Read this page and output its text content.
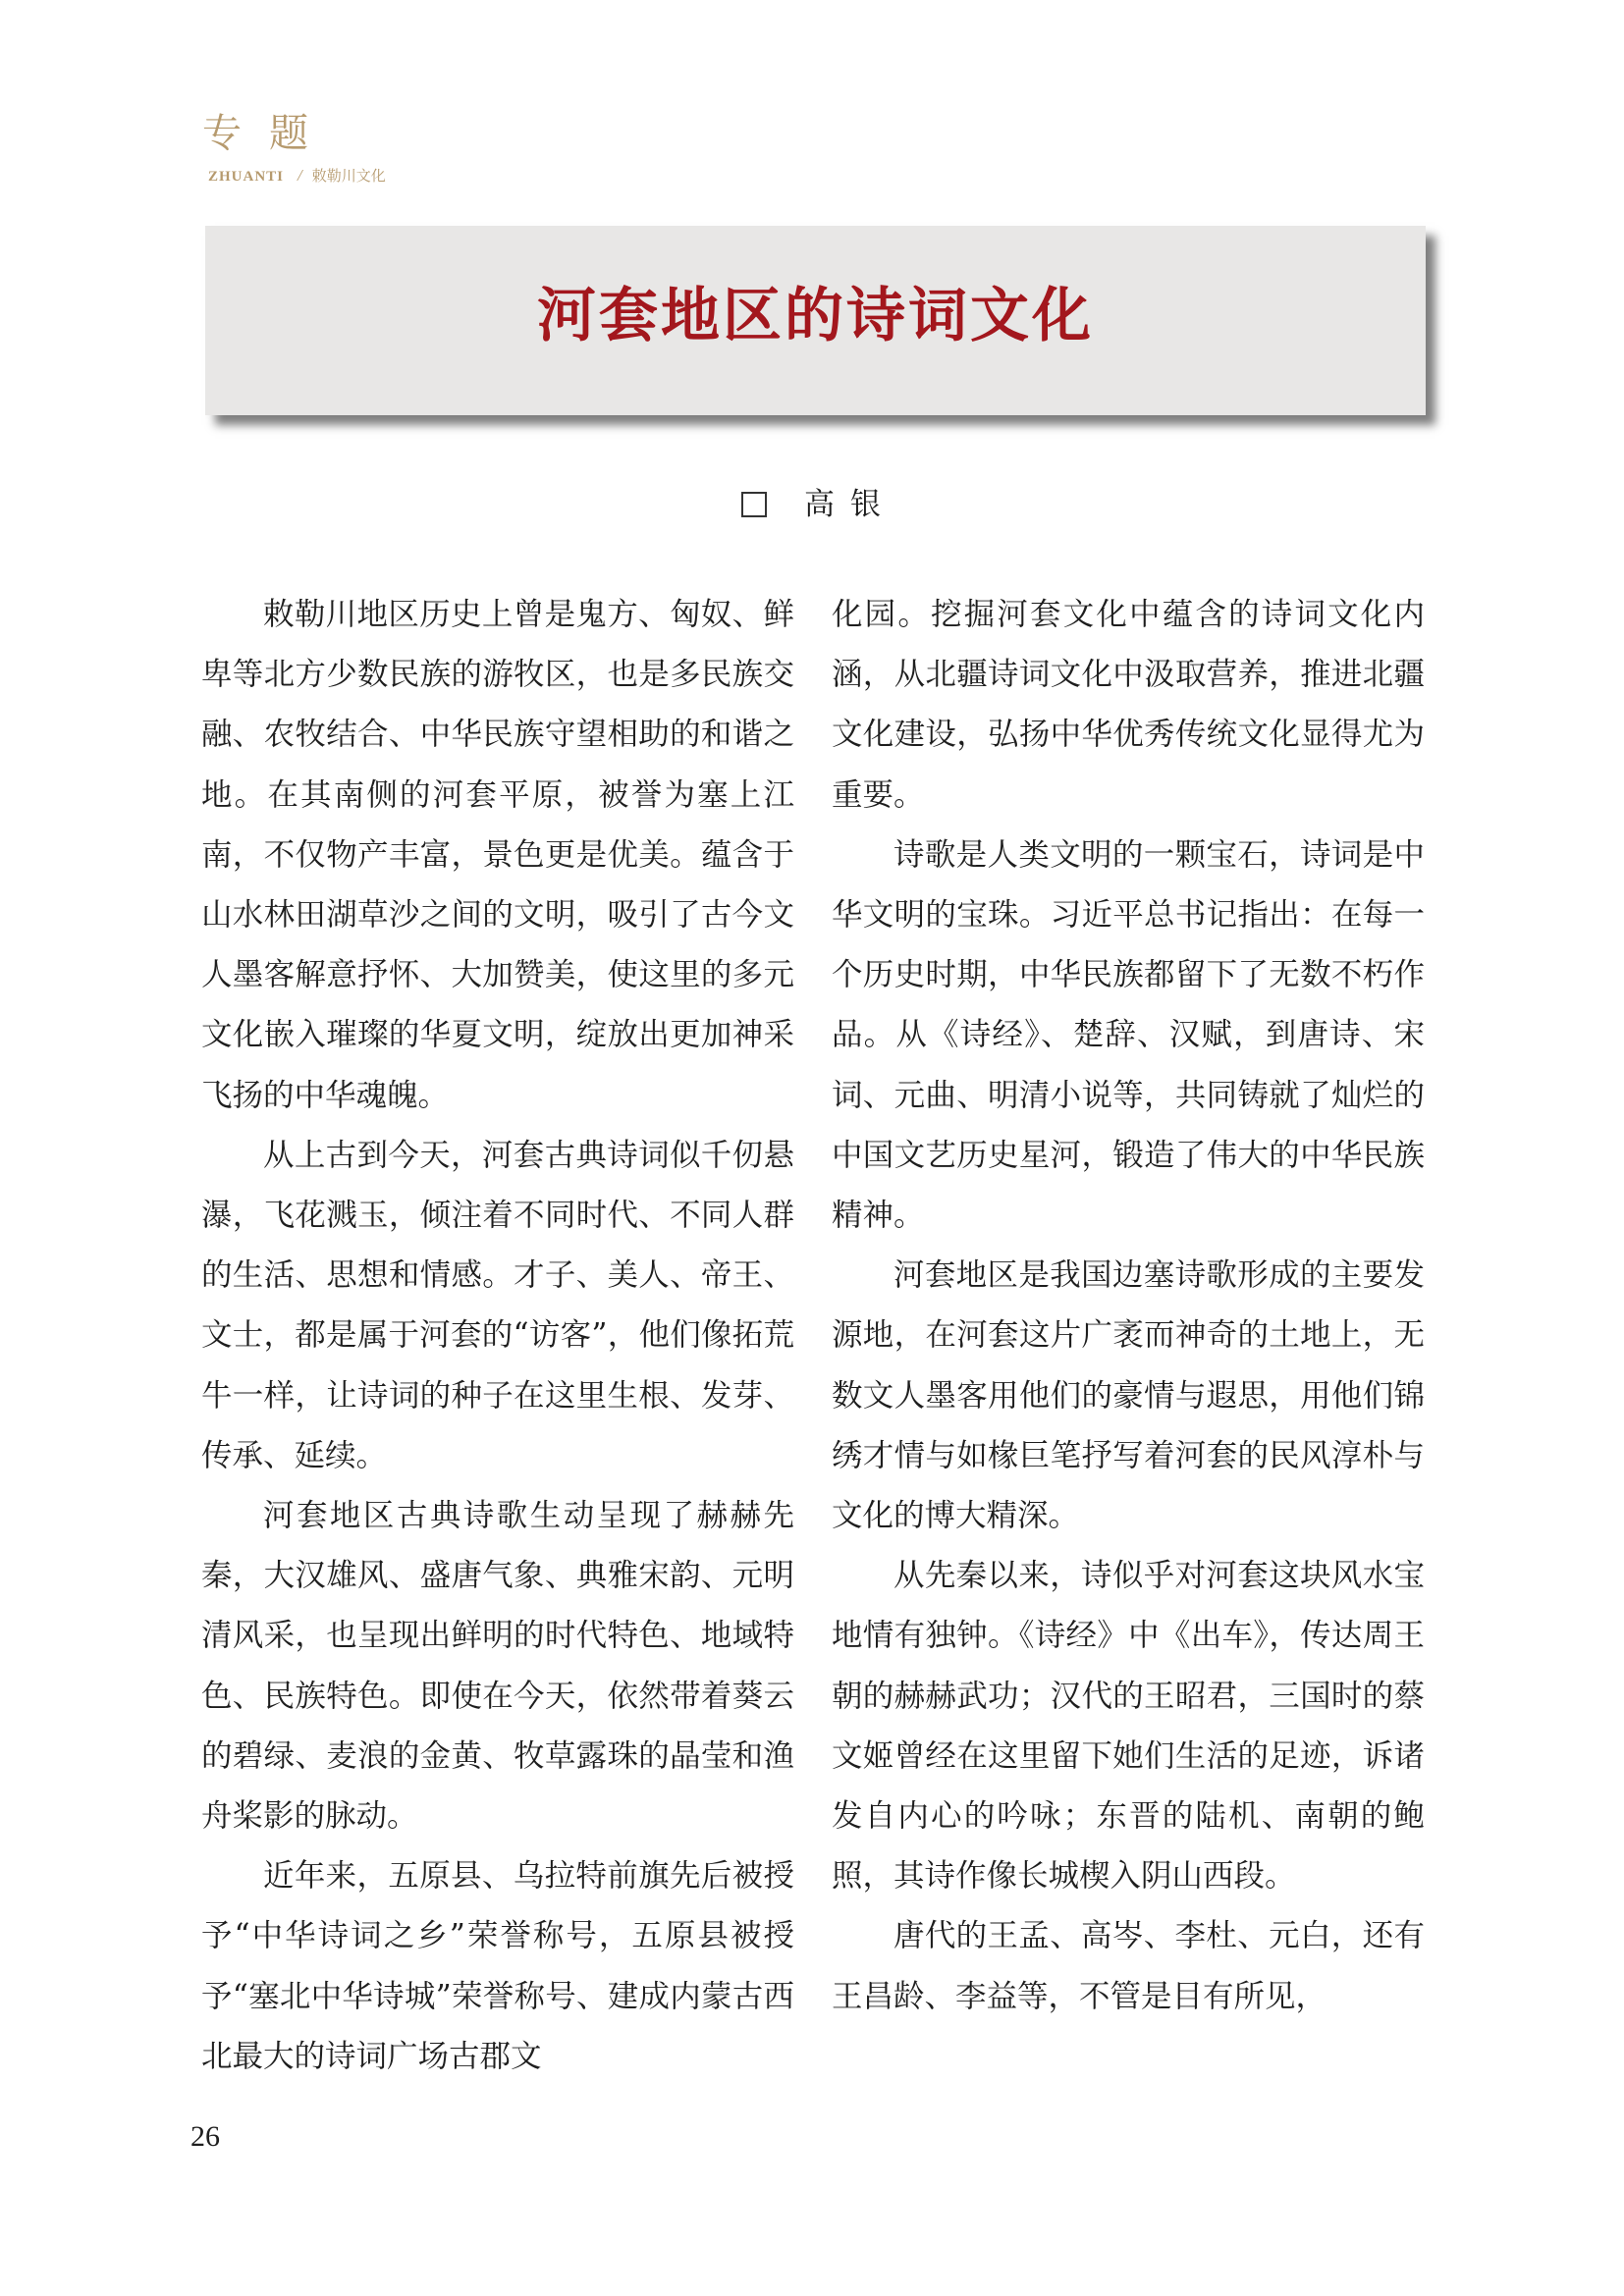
专题
ZHUANTI / 敕勒川文化
河套地区的诗词文化
高银

敕勒川地区历史上曾是鬼方、匈奴、鲜卑等北方少数民族的游牧区，也是多民族交融、农牧结合、中华民族守望相助的和谐之地。在其南侧的河套平原，被誉为塞上江南，不仅物产丰富，景色更是优美。蕴含于山水林田湖草沙之间的文明，吸引了古今文人墨客解意抒怀、大加赞美，使这里的多元文化嵌入璀璨的华夏文明，绽放出更加神采飞扬的中华魂魄。

从上古到今天，河套古典诗词似千仞悬瀑，飞花溅玉，倾注着不同时代、不同人群的生活、思想和情感。才子、美人、帝王、文士，都是属于河套的“访客”，他们像拓荒牛一样，让诗词的种子在这里生根、发芽、传承、延续。

河套地区古典诗歌生动呈现了赫赫先秦，大汉雄风、盛唐气象、典雅宋韵、元明清风采，也呈现出鲜明的时代特色、地域特色、民族特色。即使在今天，依然带着葵云的碧绿、麦浪的金黄、牧草露珠的晶莹和渔舟桨影的脉动。

近年来，五原县、乌拉特前旗先后被授予“中华诗词之乡”荣誉称号，五原县被授予“塞北中华诗城”荣誉称号、建成内蒙古西北最大的诗词广场古郡文

化园。挖掘河套文化中蕴含的诗词文化内涵，从北疆诗词文化中汲取营养，推进北疆文化建设，弘扬中华优秀传统文化显得尤为重要。

诗歌是人类文明的一颗宝石，诗词是中华文明的宝珠。习近平总书记指出：在每一个历史时期，中华民族都留下了无数不朽作品。从《诗经》、楚辞、汉赋，到唐诗、宋词、元曲、明清小说等，共同铸就了灿烂的中国文艺历史星河，锻造了伟大的中华民族精神。

河套地区是我国边塞诗歌形成的主要发源地，在河套这片广袤而神奇的土地上，无数文人墨客用他们的豪情与遐思，用他们锦绣才情与如椽巨笔抒写着河套的民风淳朴与文化的博大精深。

从先秦以来，诗似乎对河套这块风水宝地情有独钟。《诗经》中《出车》，传达周王朝的赫赫武功；汉代的王昭君，三国时的蔡文姬曾经在这里留下她们生活的足迹，诉诸发自内心的吟咏；东晋的陆机、南朝的鲍照，其诗作像长城楔入阴山西段。

唐代的王孟、高岑、李杜、元白，还有王昌龄、李益等，不管是目有所见，

26
